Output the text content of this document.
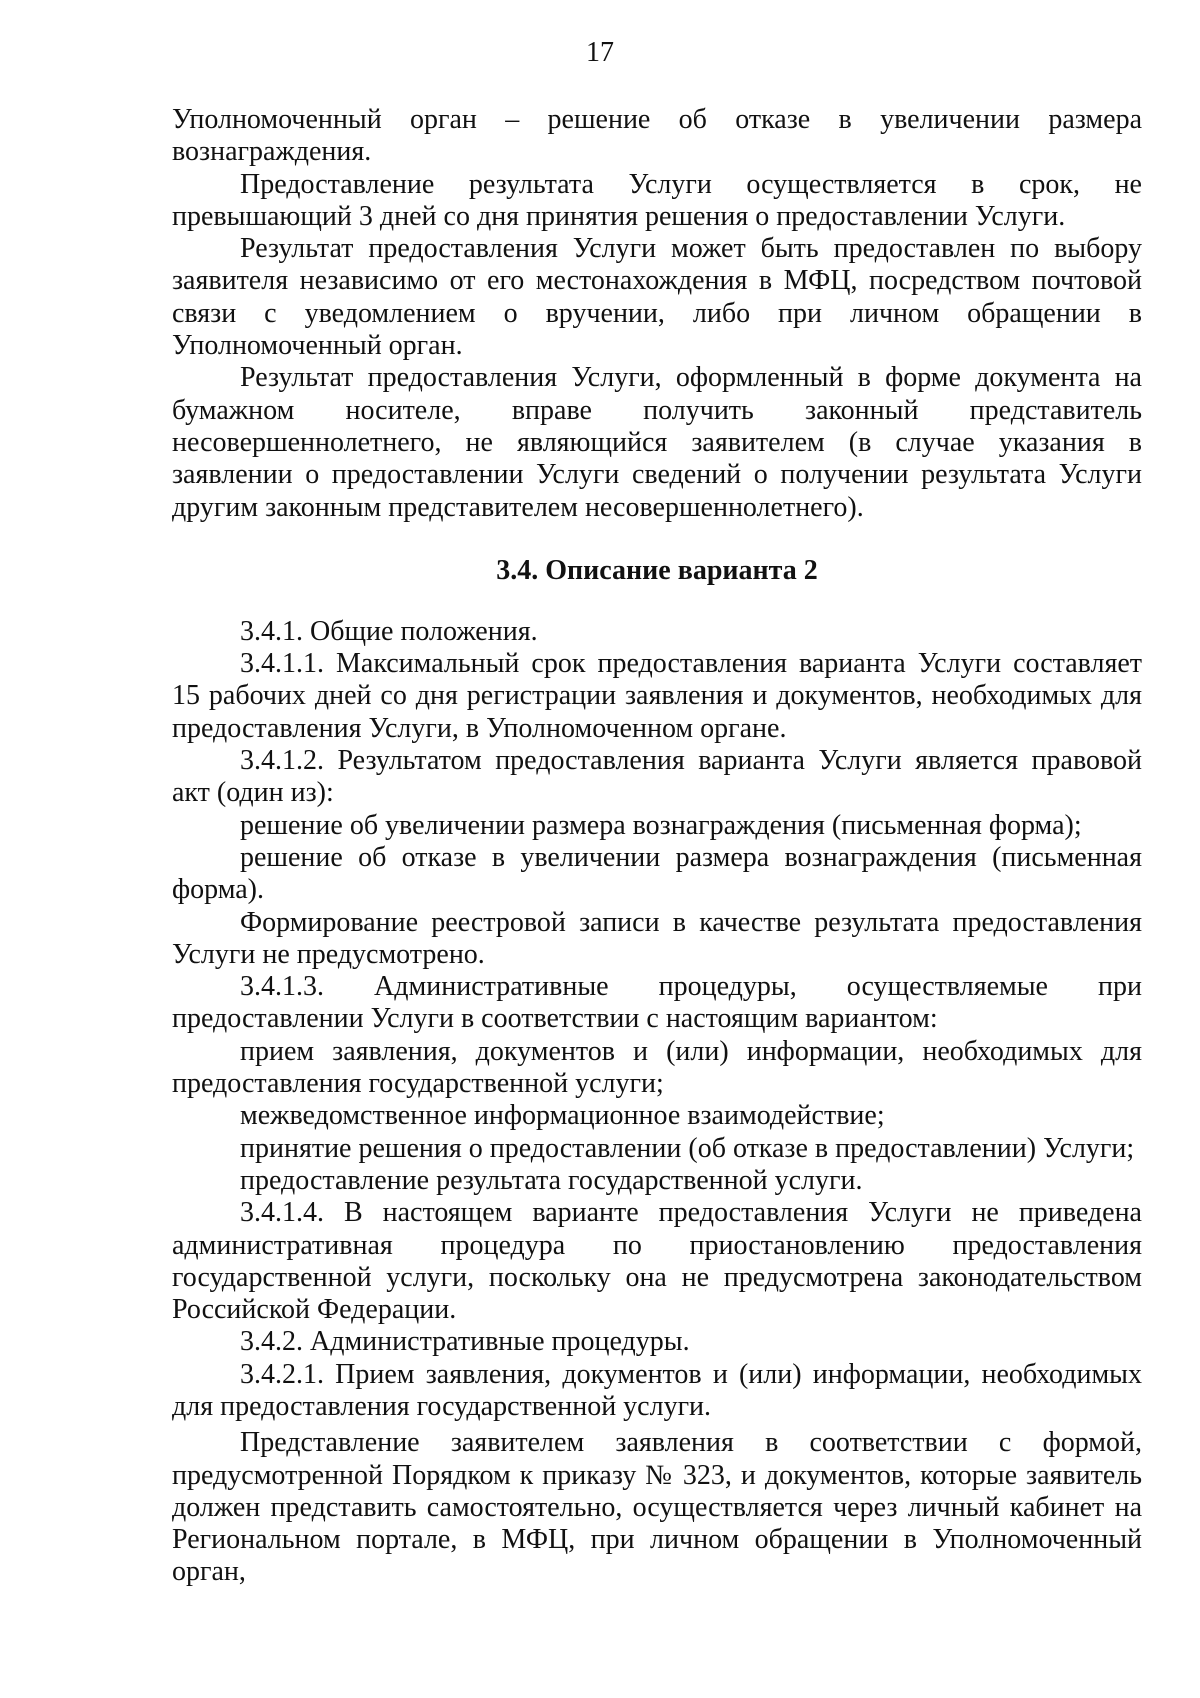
17

Уполномоченный орган – решение об отказе в увеличении размера вознаграждения.

Предоставление результата Услуги осуществляется в срок, не превышающий 3 дней со дня принятия решения о предоставлении Услуги.

Результат предоставления Услуги может быть предоставлен по выбору заявителя независимо от его местонахождения в МФЦ, посредством почтовой связи с уведомлением о вручении, либо при личном обращении в Уполномоченный орган.

Результат предоставления Услуги, оформленный в форме документа на бумажном носителе, вправе получить законный представитель несовершеннолетнего, не являющийся заявителем (в случае указания в заявлении о предоставлении Услуги сведений о получении результата Услуги другим законным представителем несовершеннолетнего).

3.4. Описание варианта 2

3.4.1. Общие положения.

3.4.1.1. Максимальный срок предоставления варианта Услуги составляет 15 рабочих дней со дня регистрации заявления и документов, необходимых для предоставления Услуги, в Уполномоченном органе.

3.4.1.2. Результатом предоставления варианта Услуги является правовой акт (один из):

решение об увеличении размера вознаграждения (письменная форма);

решение об отказе в увеличении размера вознаграждения (письменная форма).

Формирование реестровой записи в качестве результата предоставления Услуги не предусмотрено.

3.4.1.3. Административные процедуры, осуществляемые при предоставлении Услуги в соответствии с настоящим вариантом:

прием заявления, документов и (или) информации, необходимых для предоставления государственной услуги;

межведомственное информационное взаимодействие;

принятие решения о предоставлении (об отказе в предоставлении) Услуги;

предоставление результата государственной услуги.

3.4.1.4. В настоящем варианте предоставления Услуги не приведена административная процедура по приостановлению предоставления государственной услуги, поскольку она не предусмотрена законодательством Российской Федерации.

3.4.2. Административные процедуры.

3.4.2.1. Прием заявления, документов и (или) информации, необходимых для предоставления государственной услуги.

Представление заявителем заявления в соответствии с формой, предусмотренной Порядком к приказу № 323, и документов, которые заявитель должен представить самостоятельно, осуществляется через личный кабинет на Региональном портале, в МФЦ, при личном обращении в Уполномоченный орган,
